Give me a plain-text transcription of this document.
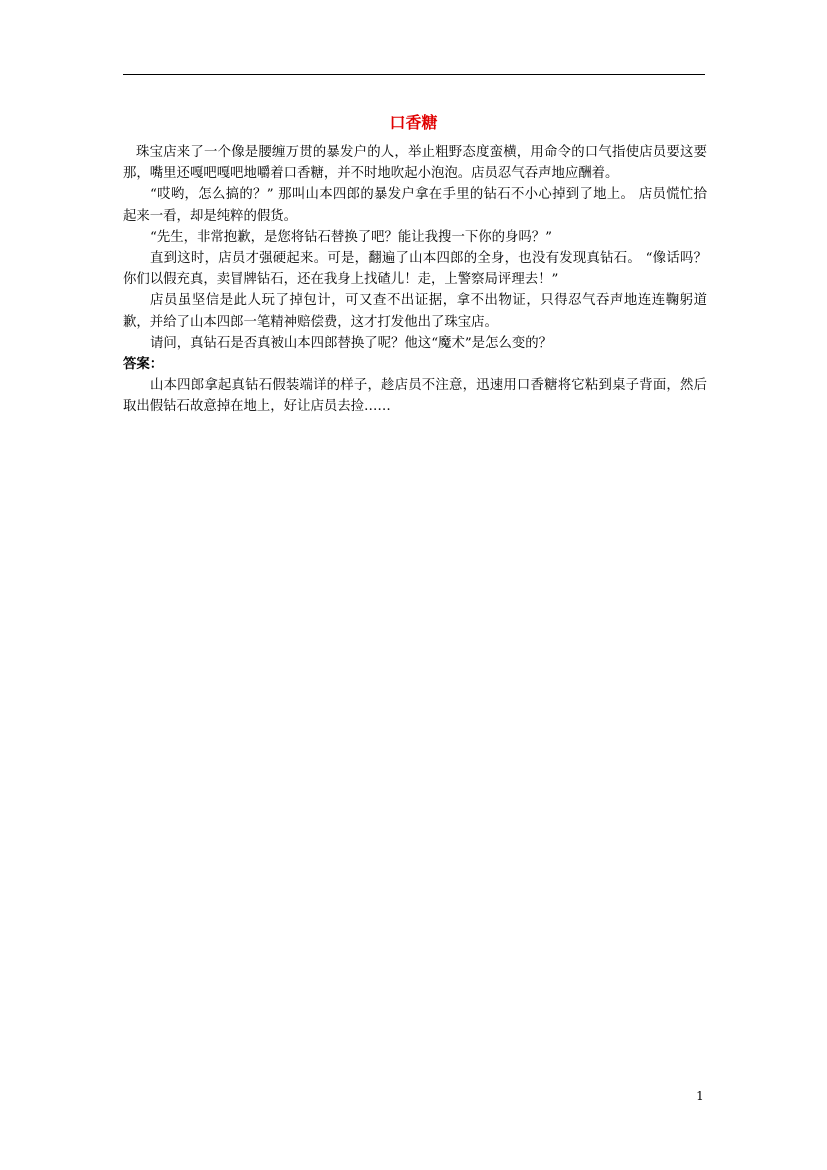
口香糖

珠宝店来了一个像是腰缠万贯的暴发户的人，举止粗野态度蛮横，用命令的口气指使店员要这要那，嘴里还嘎吧嘎吧地嚼着口香糖，并不时地吹起小泡泡。店员忍气吞声地应酬着。

“哎哟，怎么搞的？” 那叫山本四郎的暴发户拿在手里的钻石不小心掉到了地上。 店员慌忙拾起来一看，却是纯粹的假货。

“先生，非常抱歉，是您将钻石替换了吧？能让我搜一下你的身吗？”

直到这时，店员才强硬起来。可是，翻遍了山本四郎的全身，也没有发现真钻石。 “像话吗？你们以假充真，卖冒牌钻石，还在我身上找碴儿！走，上警察局评理去！”

店员虽坚信是此人玩了掉包计，可又查不出证据，拿不出物证，只得忍气吞声地连连鞠躬道歉，并给了山本四郎一笔精神赔偿费，这才打发他出了珠宝店。

请问，真钻石是否真被山本四郎替换了呢？他这“魔术”是怎么变的？

答案：

山本四郎拿起真钻石假装端详的样子，趁店员不注意，迅速用口香糖将它粘到桌子背面，然后取出假钻石故意掉在地上，好让店员去捡……

1
